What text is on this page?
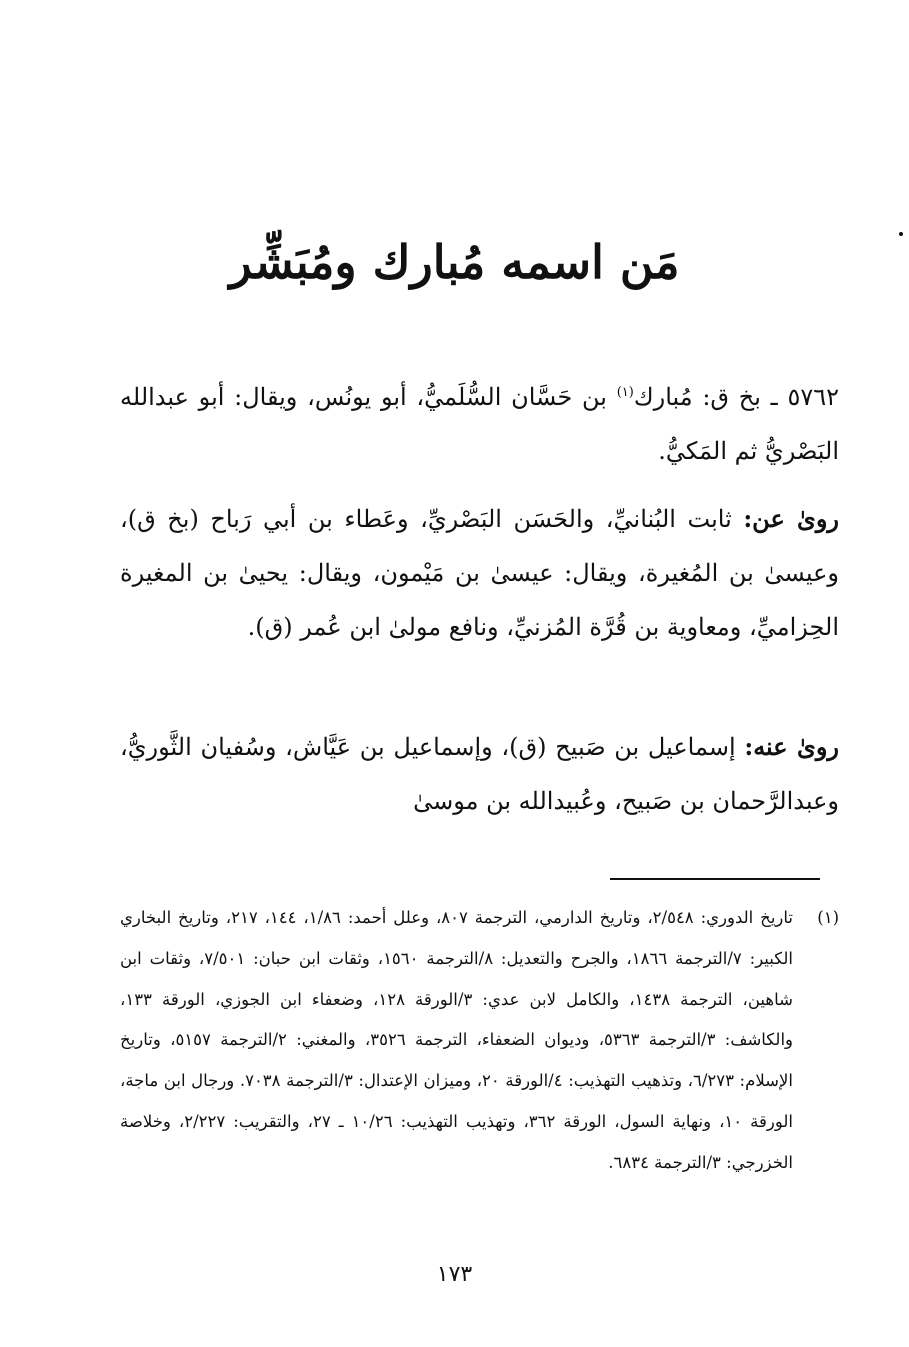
مَن اسمه مُبارك ومُبَشِّر
٥٧٦٢ ـ بخ ق: مُبارك$^{(١)}$ بن حَسَّان السُّلَميُّ، أبو يونُس، ويقال: أبو عبدالله البَصْريُّ ثم المَكيُّ.
روىٰ عن: ثابت البُنانيِّ، والحَسَن البَصْريِّ، وعَطاء بن أبي رَباح (بخ ق)، وعيسىٰ بن المُغيرة، ويقال: عيسىٰ بن مَيْمون، ويقال: يحيىٰ بن المغيرة الحِزاميِّ، ومعاوية بن قُرَّة المُزنيِّ، ونافع مولىٰ ابن عُمر (ق).
روىٰ عنه: إسماعيل بن صَبيح (ق)، وإسماعيل بن عَيَّاش، وسُفيان الثَّوريُّ، وعبدالرَّحمان بن صَبيح، وعُبيدالله بن موسىٰ
(١)
تاريخ الدوري: ٢/٥٤٨، وتاريخ الدارمي، الترجمة ٨٠٧، وعلل أحمد: ١/٨٦، ١٤٤، ٢١٧، وتاريخ البخاري الكبير: ٧/الترجمة ١٨٦٦، والجرح والتعديل: ٨/الترجمة ١٥٦٠، وثقات ابن حبان: ٧/٥٠١، وثقات ابن شاهين، الترجمة ١٤٣٨، والكامل لابن عدي: ٣/الورقة ١٢٨، وضعفاء ابن الجوزي، الورقة ١٣٣، والكاشف: ٣/الترجمة ٥٣٦٣، وديوان الضعفاء، الترجمة ٣٥٢٦، والمغني: ٢/الترجمة ٥١٥٧، وتاريخ الإسلام: ٦/٢٧٣، وتذهيب التهذيب: ٤/الورقة ٢٠، وميزان الإعتدال: ٣/الترجمة ٧٠٣٨. ورجال ابن ماجة، الورقة ١٠، ونهاية السول، الورقة ٣٦٢، وتهذيب التهذيب: ١٠/٢٦ ـ ٢٧، والتقريب: ٢/٢٢٧، وخلاصة الخزرجي: ٣/الترجمة ٦٨٣٤.
١٧٣
